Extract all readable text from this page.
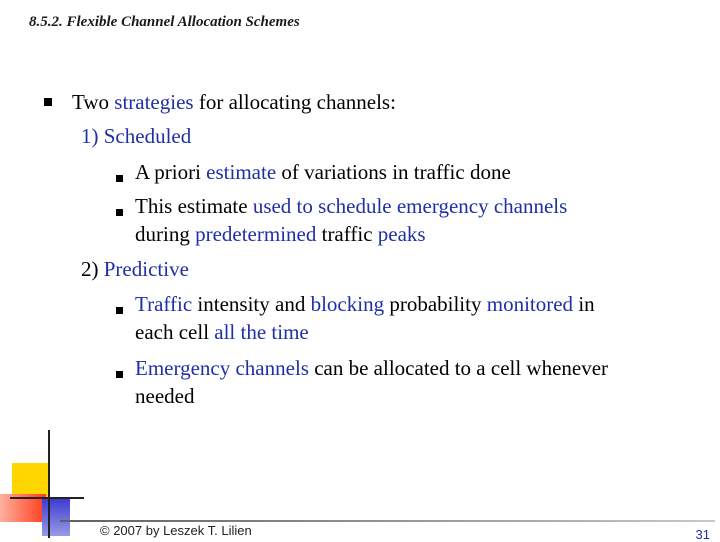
8.5.2. Flexible Channel Allocation Schemes
Two strategies for allocating channels:
1) Scheduled
A priori estimate of variations in traffic done
This estimate used to schedule emergency channels
during predetermined traffic peaks
2) Predictive
Traffic intensity and blocking probability monitored in
each cell all the time
Emergency channels can be allocated to a cell whenever
needed
© 2007 by Leszek T. Lilien	31
